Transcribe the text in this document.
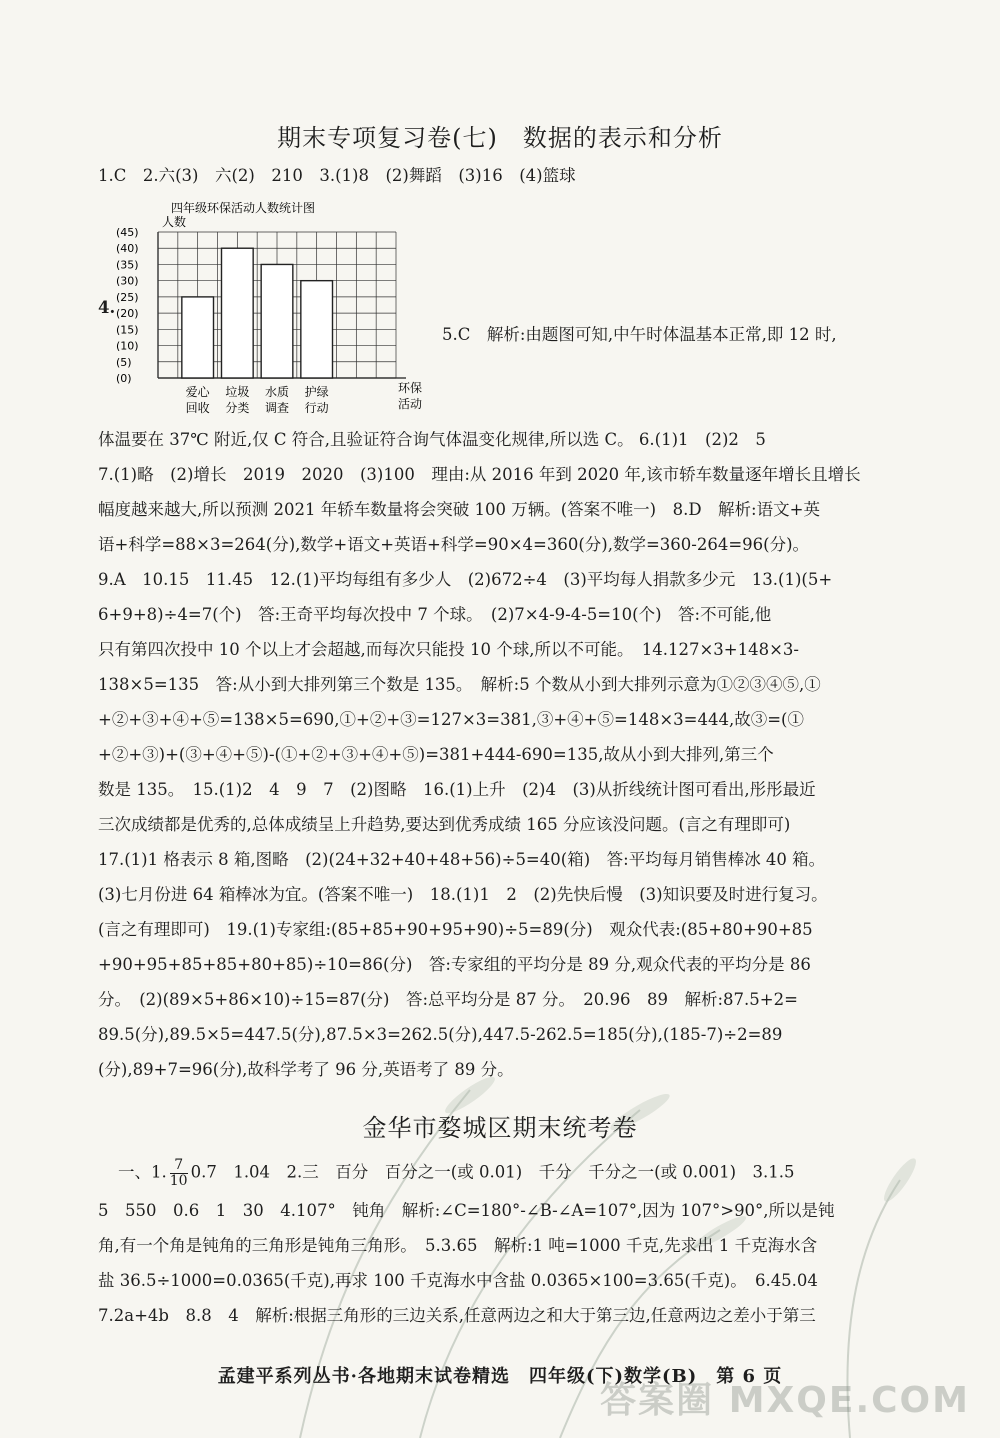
期末专项复习卷(七)　数据的表示和分析
1.C　2.六(3)　六(2)　210　3.(1)8　(2)舞蹈　(3)16　(4)篮球
4.
四年级环保活动人数统计图
人数
(45)
(40)
(35)
(30)
(25)
(20)
(15)
(10)
(5)
(0)
爱心
回收
垃圾
分类
水质
调查
护绿
行动
环保
活动
5.C　解析:由题图可知,中午时体温基本正常,即 12 时,
体温要在 37℃ 附近,仅 C 符合,且验证符合询气体温变化规律,所以选 C。 6.(1)1　(2)2　5
7.(1)略　(2)增长　2019　2020　(3)100　理由:从 2016 年到 2020 年,该市轿车数量逐年增长且增长
幅度越来越大,所以预测 2021 年轿车数量将会突破 100 万辆。(答案不唯一)　8.D　解析:语文+英
语+科学=88×3=264(分),数学+语文+英语+科学=90×4=360(分),数学=360-264=96(分)。
9.A　10.15　11.45　12.(1)平均每组有多少人　(2)672÷4　(3)平均每人捐款多少元　13.(1)(5+
6+9+8)÷4=7(个)　答:王奇平均每次投中 7 个球。　(2)7×4-9-4-5=10(个)　答:不可能,他
只有第四次投中 10 个以上才会超越,而每次只能投 10 个球,所以不可能。　14.127×3+148×3-
138×5=135　答:从小到大排列第三个数是 135。　解析:5 个数从小到大排列示意为①②③④⑤,①
+②+③+④+⑤=138×5=690,①+②+③=127×3=381,③+④+⑤=148×3=444,故③=(①
+②+③)+(③+④+⑤)-(①+②+③+④+⑤)=381+444-690=135,故从小到大排列,第三个
数是 135。　15.(1)2　4　9　7　(2)图略　16.(1)上升　(2)4　(3)从折线统计图可看出,彤彤最近
三次成绩都是优秀的,总体成绩呈上升趋势,要达到优秀成绩 165 分应该没问题。(言之有理即可)
17.(1)1 格表示 8 箱,图略　(2)(24+32+40+48+56)÷5=40(箱)　答:平均每月销售棒冰 40 箱。
(3)七月份进 64 箱棒冰为宜。(答案不唯一)　18.(1)1　2　(2)先快后慢　(3)知识要及时进行复习。
(言之有理即可)　19.(1)专家组:(85+85+90+95+90)÷5=89(分)　观众代表:(85+80+90+85
+90+95+85+85+80+85)÷10=86(分)　答:专家组的平均分是 89 分,观众代表的平均分是 86
分。　(2)(89×5+86×10)÷15=87(分)　答:总平均分是 87 分。　20.96　89　解析:87.5+2=
89.5(分),89.5×5=447.5(分),87.5×3=262.5(分),447.5-262.5=185(分),(185-7)÷2=89
(分),89+7=96(分),故科学考了 96 分,英语考了 89 分。
金华市婺城区期末统考卷
一、1. $\frac{7}{10} 0.7$　1.04　2.三　百分　百分之一(或 0.01)　千分　千分之一(或 0.001)　3.1.5
5　550　0.6　1　30　4.107°　钝角　解析:∠C=180°-∠B-∠A=107°,因为 107°>90°,所以是钝
角,有一个角是钝角的三角形是钝角三角形。　5.3.65　解析:1 吨=1000 千克,先求出 1 千克海水含
盐 36.5÷1000=0.0365(千克),再求 100 千克海水中含盐 0.0365×100=3.65(千克)。　6.45.04
7.2a+4b　8.8　4　解析:根据三角形的三边关系,任意两边之和大于第三边,任意两边之差小于第三
孟建平系列丛书·各地期末试卷精选　四年级(下)数学(B)　第 6 页
答案圈 MXQE.COM
